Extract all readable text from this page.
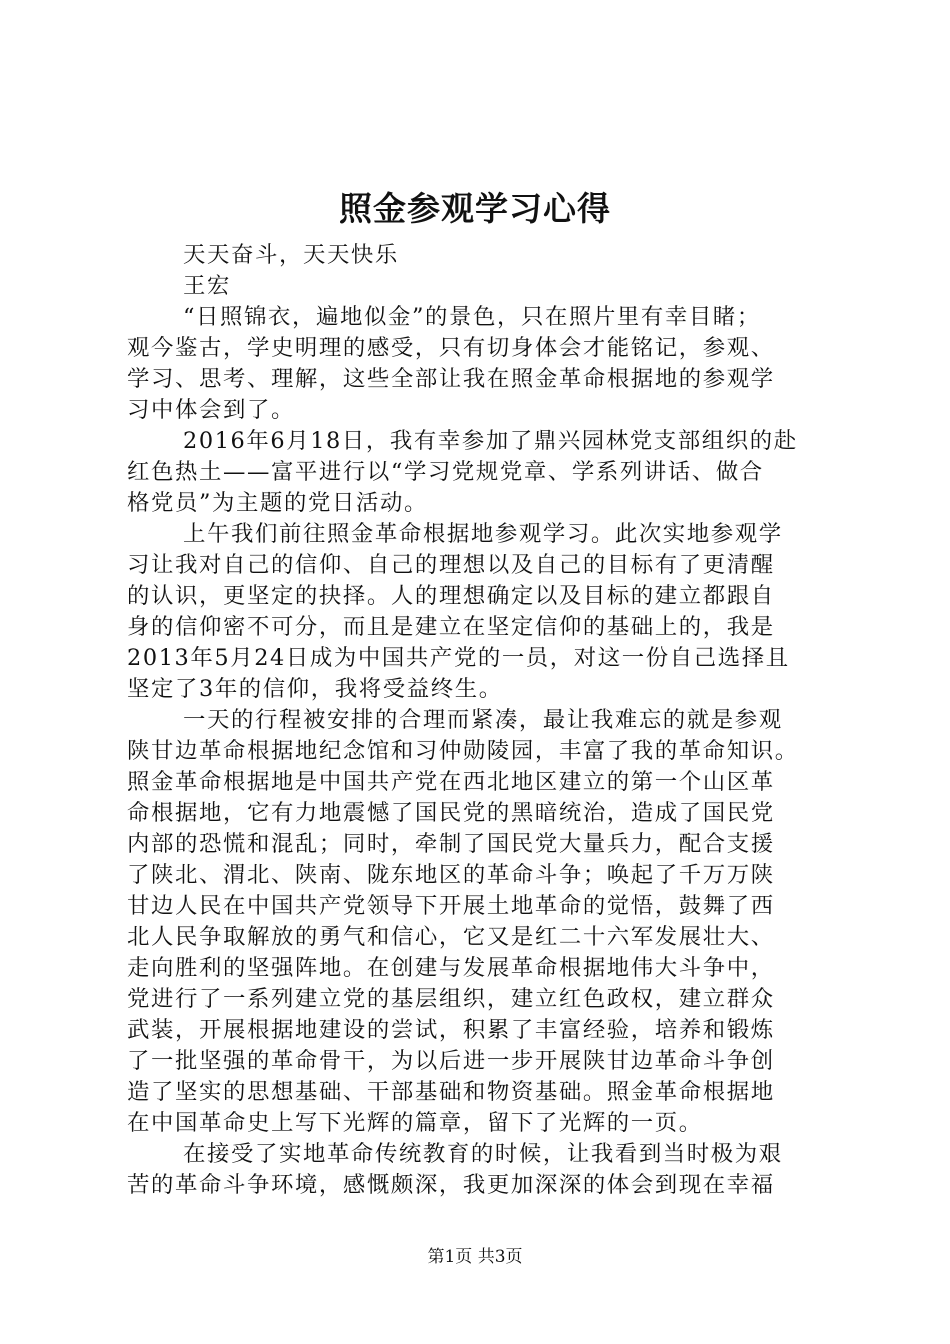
照金参观学习心得
天天奋斗，天天快乐
王宏
“日照锦衣，遍地似金”的景色，只在照片里有幸目睹；
观今鉴古，学史明理的感受，只有切身体会才能铭记，参观、
学习、思考、理解，这些全部让我在照金革命根据地的参观学
习中体会到了。
2016年6月18日，我有幸参加了鼎兴园林党支部组织的赴
红色热土——富平进行以“学习党规党章、学系列讲话、做合
格党员”为主题的党日活动。
上午我们前往照金革命根据地参观学习。此次实地参观学
习让我对自己的信仰、自己的理想以及自己的目标有了更清醒
的认识，更坚定的抉择。人的理想确定以及目标的建立都跟自
身的信仰密不可分，而且是建立在坚定信仰的基础上的，我是
2013年5月24日成为中国共产党的一员，对这一份自己选择且
坚定了3年的信仰，我将受益终生。
一天的行程被安排的合理而紧凑，最让我难忘的就是参观
陕甘边革命根据地纪念馆和习仲勋陵园，丰富了我的革命知识。
照金革命根据地是中国共产党在西北地区建立的第一个山区革
命根据地，它有力地震憾了国民党的黑暗统治，造成了国民党
内部的恐慌和混乱；同时，牵制了国民党大量兵力，配合支援
了陕北、渭北、陕南、陇东地区的革命斗争；唤起了千万万陕
甘边人民在中国共产党领导下开展土地革命的觉悟，鼓舞了西
北人民争取解放的勇气和信心，它又是红二十六军发展壮大、
走向胜利的坚强阵地。在创建与发展革命根据地伟大斗争中，
党进行了一系列建立党的基层组织，建立红色政权，建立群众
武装，开展根据地建设的尝试，积累了丰富经验，培养和锻炼
了一批坚强的革命骨干，为以后进一步开展陕甘边革命斗争创
造了坚实的思想基础、干部基础和物资基础。照金革命根据地
在中国革命史上写下光辉的篇章，留下了光辉的一页。
在接受了实地革命传统教育的时候，让我看到当时极为艰
苦的革命斗争环境，感慨颇深，我更加深深的体会到现在幸福
第1页 共3页
